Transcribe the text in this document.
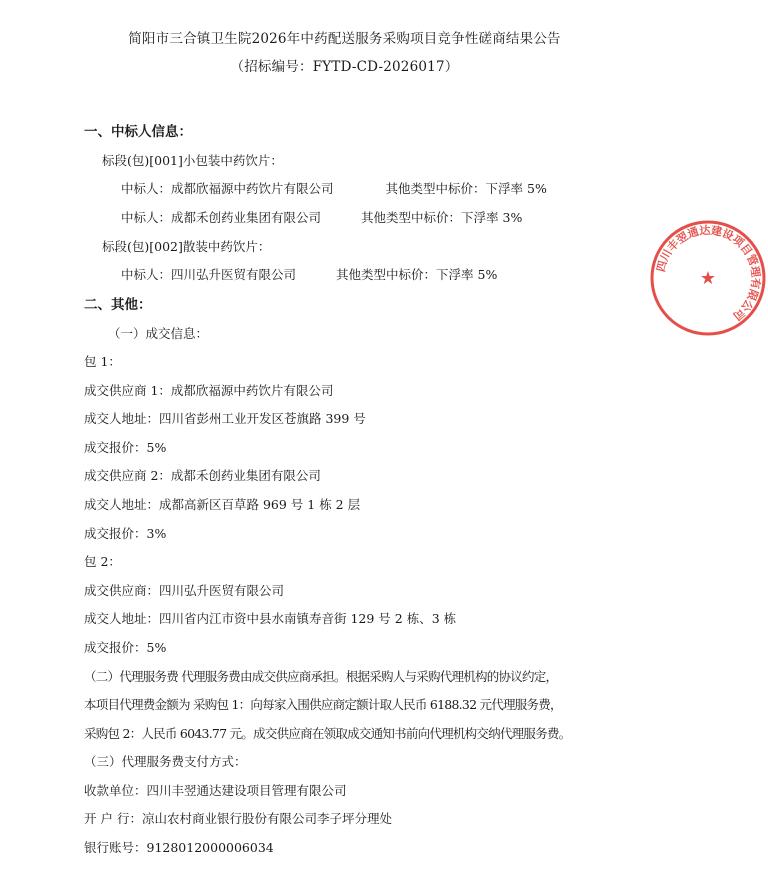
简阳市三合镇卫生院2026年中药配送服务采购项目竞争性磋商结果公告
（招标编号：FYTD-CD-2026017）
一、中标人信息：
标段(包)[001]小包装中药饮片：
中标人：成都欣福源中药饮片有限公司	其他类型中标价：下浮率 5%
中标人：成都禾创药业集团有限公司	其他类型中标价：下浮率 3%
标段(包)[002]散装中药饮片：
中标人：四川弘升医贸有限公司	其他类型中标价：下浮率 5%
二、其他：
（一）成交信息：
包 1：
成交供应商 1：成都欣福源中药饮片有限公司
成交人地址：四川省彭州工业开发区苍旗路 399 号
成交报价：5%
成交供应商 2：成都禾创药业集团有限公司
成交人地址：成都高新区百草路 969 号 1 栋 2 层
成交报价：3%
包 2：
成交供应商：四川弘升医贸有限公司
成交人地址：四川省内江市资中县水南镇寿音街 129 号 2 栋、3 栋
成交报价：5%
（二）代理服务费 代理服务费由成交供应商承担。根据采购人与采购代理机构的协议约定，
本项目代理费金额为 采购包 1：向每家入围供应商定额计取人民币 6188.32 元代理服务费，
采购包 2：人民币 6043.77 元。成交供应商在领取成交通知书前向代理机构交纳代理服务费。
（三）代理服务费支付方式：
收款单位：四川丰翌通达建设项目管理有限公司
开 户 行：凉山农村商业银行股份有限公司李子坪分理处
银行账号：9128012000006034
四川丰翌通达建设项目管理有限公司
★
